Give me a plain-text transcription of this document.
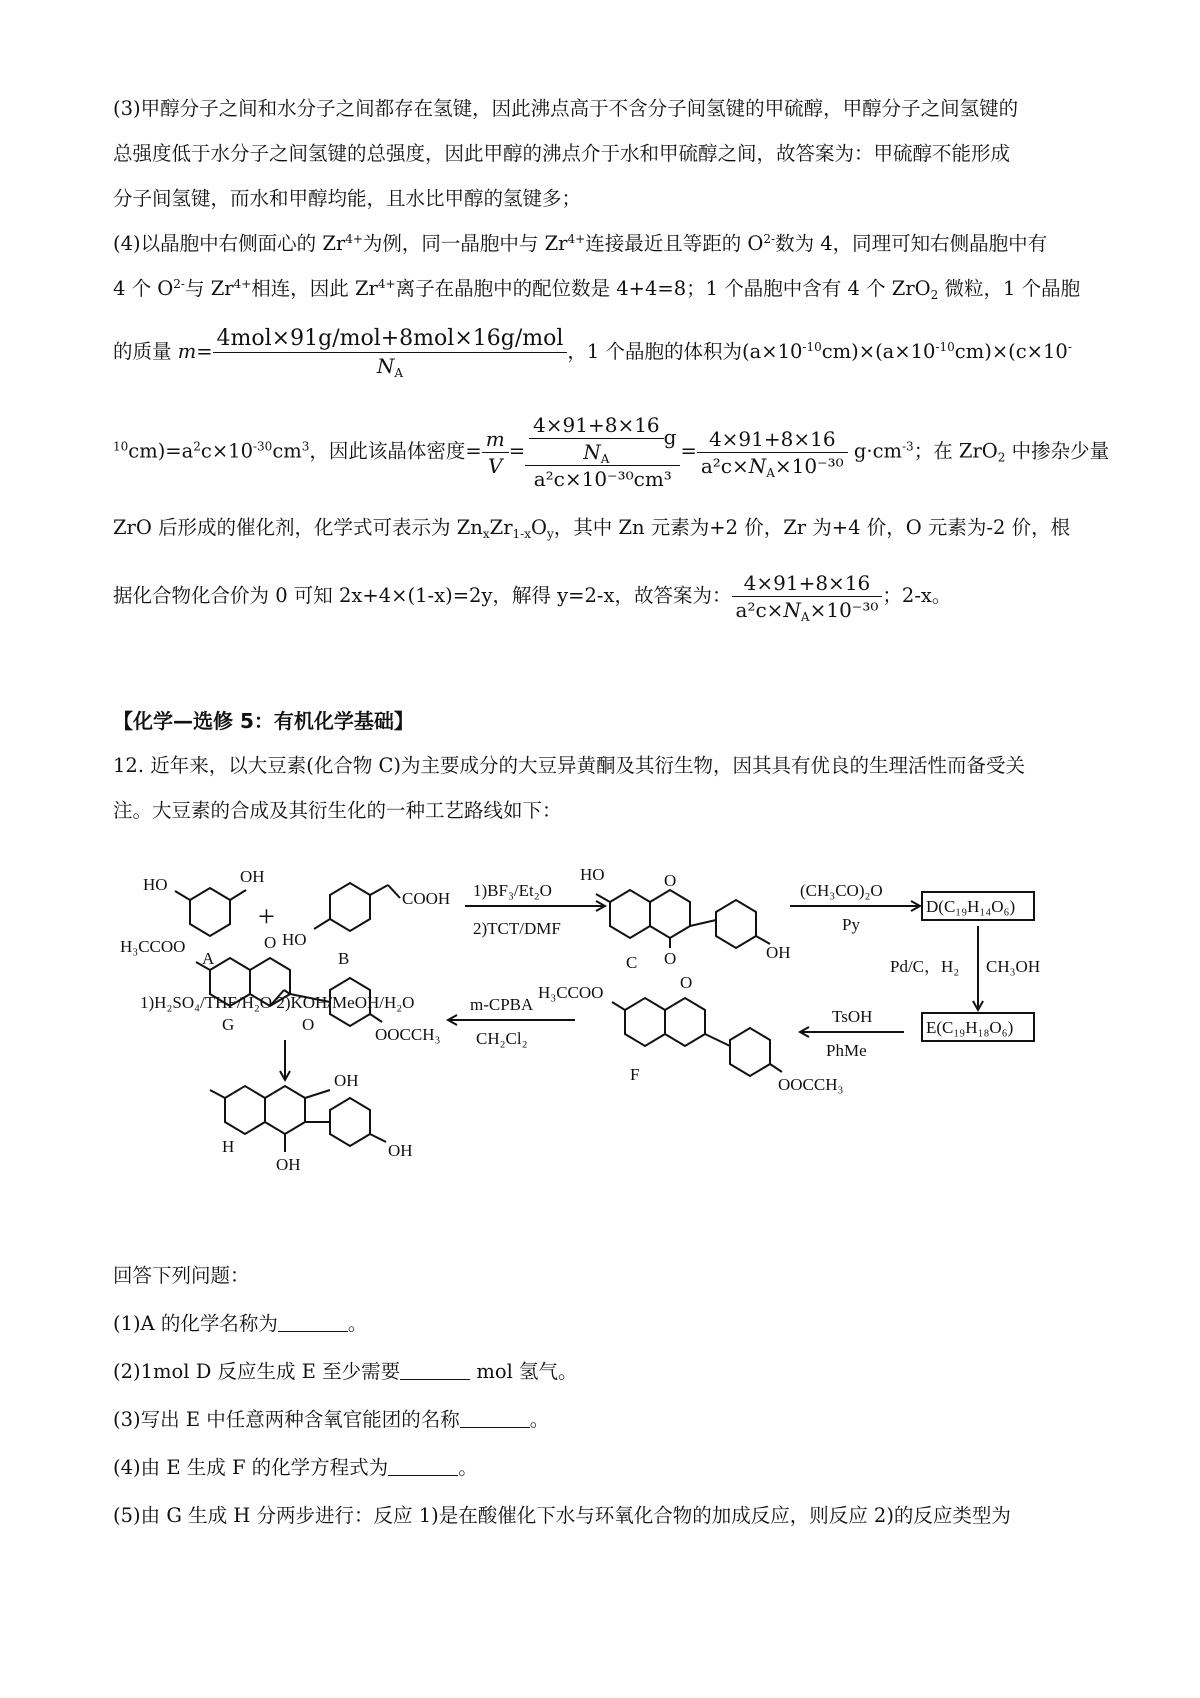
(3)甲醇分子之间和水分子之间都存在氢键，因此沸点高于不含分子间氢键的甲硫醇，甲醇分子之间氢键的
总强度低于水分子之间氢键的总强度，因此甲醇的沸点介于水和甲硫醇之间，故答案为：甲硫醇不能形成
分子间氢键，而水和甲醇均能，且水比甲醇的氢键多；
(4)以晶胞中右侧面心的 $Zr^{4+}$为例，同一晶胞中与 $Zr^{4+}$连接最近且等距的 $O^{2-}$数为 4，同理可知右侧晶胞中有
4 个 $O^{2-}$与 $Zr^{4+}$相连，因此 $Zr^{4+}$离子在晶胞中的配位数是 4+4=8；1 个晶胞中含有 4 个 ZrO$_2$ 微粒，1 个晶胞
的质量 $m= \frac{\text{4mol×91g/mol+8mol×16g/mol}}{N_A}$ ，1 个晶胞的体积为$(a\times 10^{-10}cm)\times(a\times 10^{-10}cm)\times(c\times 10^-$
$^{10}cm)=a^2c\times 10^{-30}cm^3$，因此该晶体密度= $\frac{m}{V} = \frac{\frac{4\times 91+8\times 16}{N_A} g}{\text{a²c×10⁻³⁰cm³}} = \frac{4\times 91+8\times 16}{a^2c\times N_A\times 10^{-30}} g\cdot cm^{-3}$；在 ZrO$_2$ 中掺杂少量
ZrO 后形成的催化剂，化学式可表示为 $Zn_xZr_{1-x}O_y$，其中 Zn 元素为+2 价，Zr 为+4 价，O 元素为-2 价，根
据化合物化合价为 0 可知 2x+4×(1-x)=2y，解得 y=2-x，故答案为： $\frac{4\times 91+8\times 16}{a^2c\times N_A\times 10^{-30}}$ ；2-x。
【化学—选修 5：有机化学基础】
12. 近年来，以大豆素(化合物 C)为主要成分的大豆异黄酮及其衍生物，因其具有优良的生理活性而备受关
注。大豆素的合成及其衍生化的一种工艺路线如下：
HO	OH
A
+
COOH
HO
B
1)BF₃/Et₂O
2)TCT/DMF
HO	O
O	OH
C
(CH₃CO)₂O
Py
D(C₁₉H₁₄O₆)
Pd/C，H₂ CH₃OH
E(C₁₉H₁₈O₆)
TsOH
PhMe
H₃CCOO
O
OOCCH₃
F
m-CPBA
CH₂Cl₂
H₃CCOO	O
O
OOCCH₃
G
1)H₂SO₄/THF/H₂O 2)KOH/MeOH/H₂O
OH
OH
OH
H
回答下列问题：
(1)A 的化学名称为	。
(2)1mol D 反应生成 E 至少需要	mol 氢气。
(3)写出 E 中任意两种含氧官能团的名称	。
(4)由 E 生成 F 的化学方程式为	。
(5)由 G 生成 H 分两步进行：反应 1)是在酸催化下水与环氧化合物的加成反应，则反应 2)的反应类型为
